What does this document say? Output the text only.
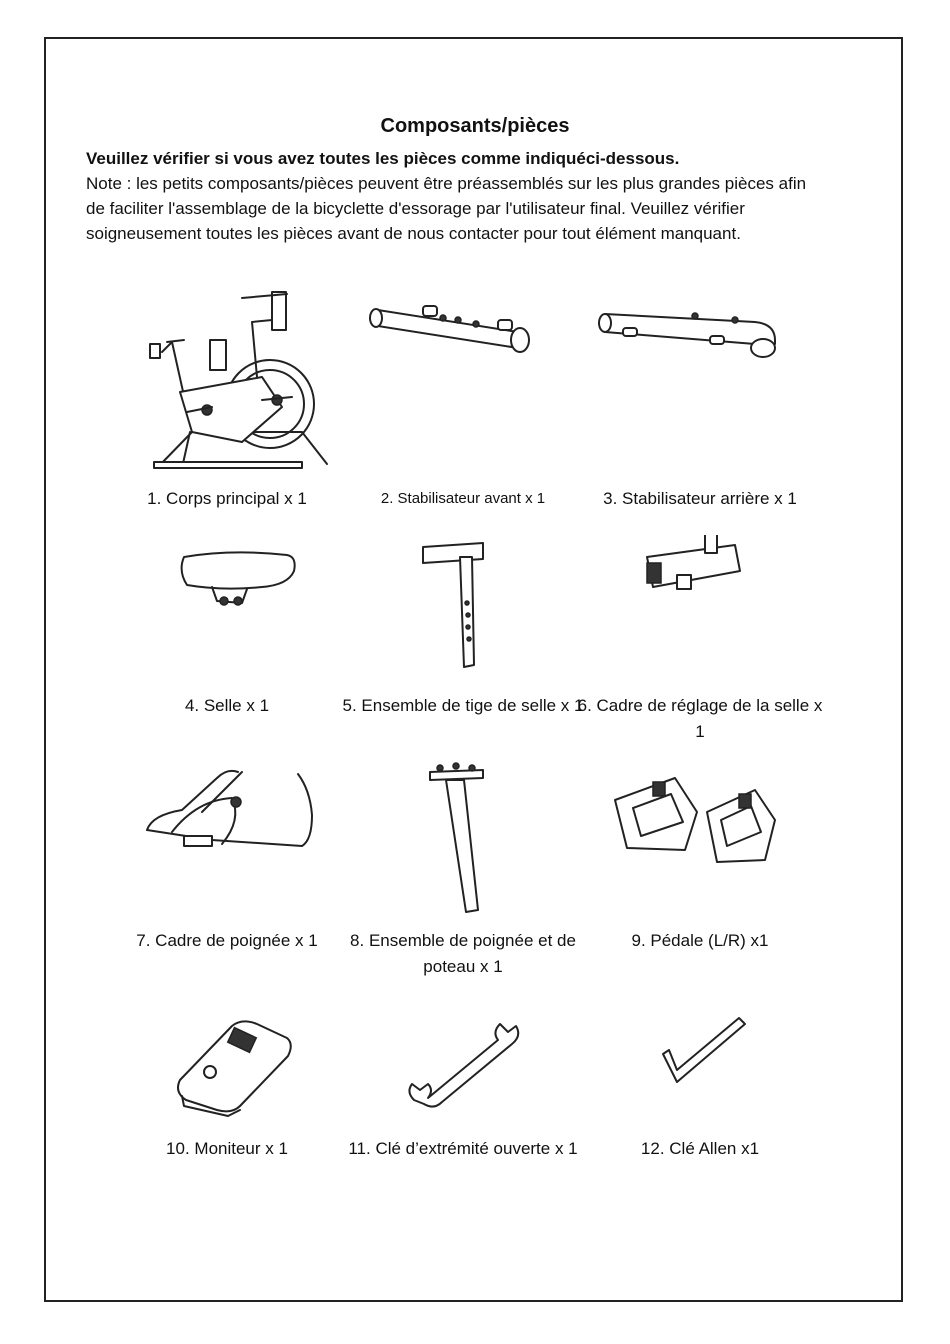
Composants/pièces

Veuillez vérifier si vous avez toutes les pièces comme indiquéci-dessous.

Note : les petits composants/pièces peuvent être préassemblés sur les plus grandes pièces afin de faciliter l'assemblage de la bicyclette d'essorage par l'utilisateur final. Veuillez vérifier soigneusement toutes les pièces avant de nous contacter pour tout élément manquant.

1. Corps principal x 1	2. Stabilisateur avant x 1	3. Stabilisateur arrière x 1
4. Selle x 1	5. Ensemble de tige de selle x 1
6. Cadre de réglage de la selle x 1
7. Cadre de poignée x 1	8. Ensemble de poignée et de poteau x 1
9. Pédale (L/R) x1
10. Moniteur x 1	11. Clé d’extrémité ouverte x 1	12. Clé Allen x1
